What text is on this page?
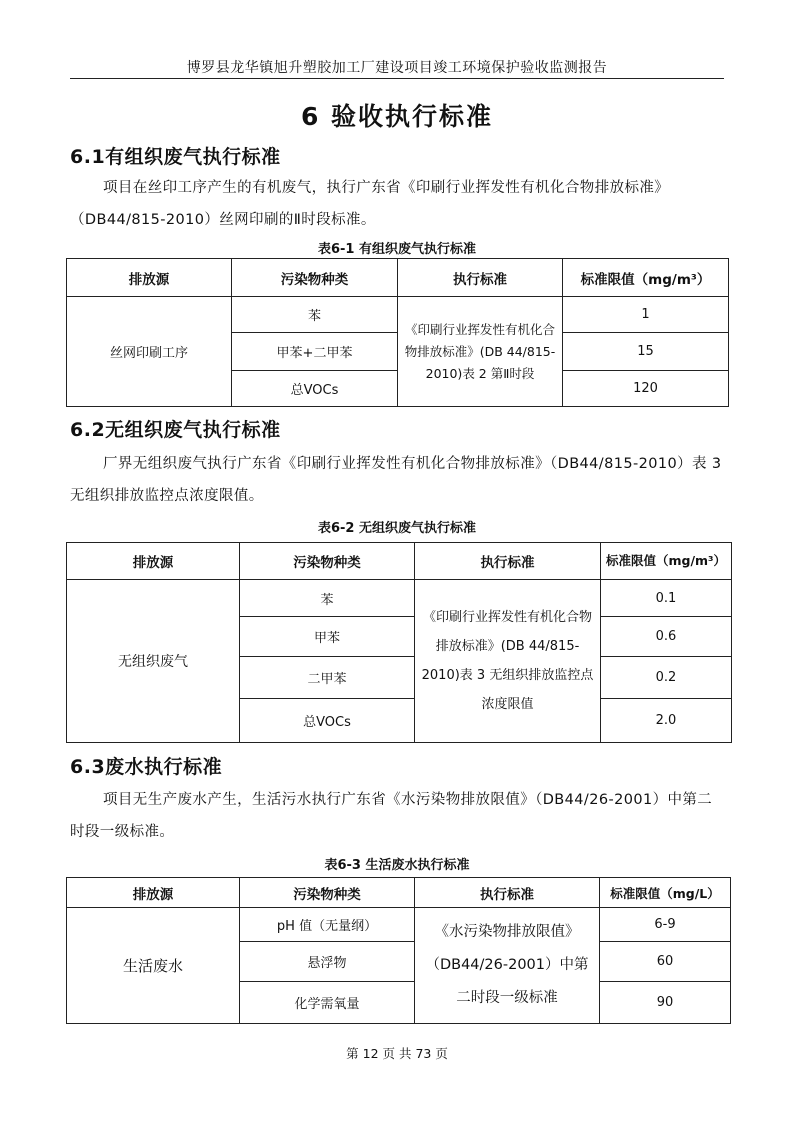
博罗县龙华镇旭升塑胶加工厂建设项目竣工环境保护验收监测报告
6 验收执行标准
6.1有组织废气执行标准
项目在丝印工序产生的有机废气，执行广东省《印刷行业挥发性有机化合物排放标准》（DB44/815-2010）丝网印刷的Ⅱ时段标准。
表6-1 有组织废气执行标准
排放源	污染物种类	执行标准	标准限值（mg/m³）
丝网印刷工序	苯	《印刷行业挥发性有机化合物排放标准》(DB 44/815-2010)表 2 第Ⅱ时段	1
	甲苯+二甲苯		15
	总VOCs		120
6.2无组织废气执行标准
厂界无组织废气执行广东省《印刷行业挥发性有机化合物排放标准》（DB44/815-2010）表 3 无组织排放监控点浓度限值。
表6-2 无组织废气执行标准
排放源	污染物种类	执行标准	标准限值（mg/m³）
无组织废气	苯	《印刷行业挥发性有机化合物排放标准》(DB 44/815-2010)表 3 无组织排放监控点浓度限值	0.1
	甲苯		0.6
	二甲苯		0.2
	总VOCs		2.0
6.3废水执行标准
项目无生产废水产生，生活污水执行广东省《水污染物排放限值》（DB44/26-2001）中第二时段一级标准。
表6-3 生活废水执行标准
排放源	污染物种类	执行标准	标准限值（mg/L）
生活废水	pH 值（无量纲）	《水污染物排放限值》（DB44/26-2001）中第二时段一级标准	6-9
	悬浮物		60
	化学需氧量		90
第 12 页 共 73 页
